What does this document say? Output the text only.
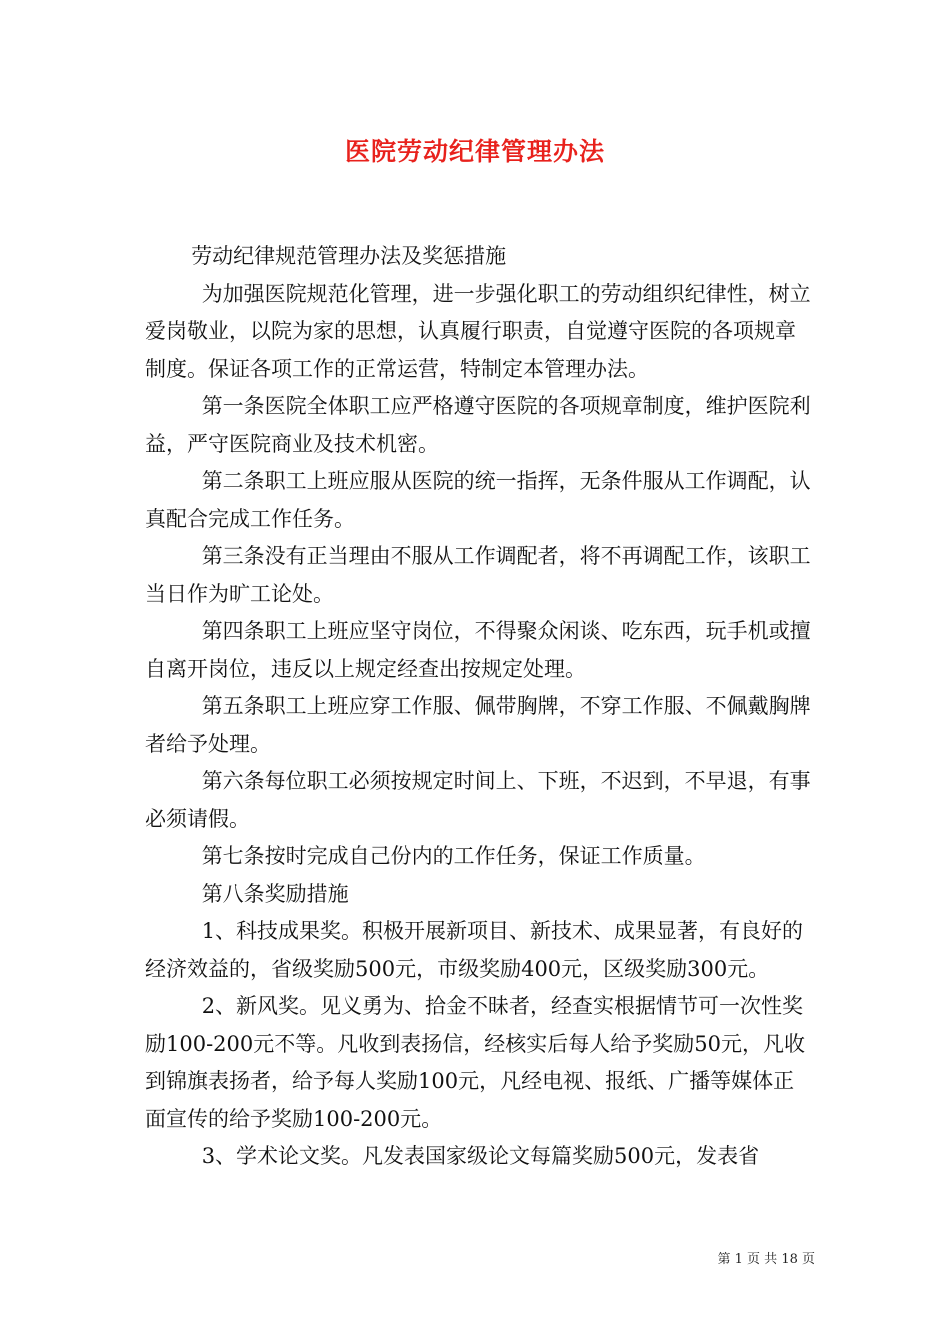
医院劳动纪律管理办法

劳动纪律规范管理办法及奖惩措施

为加强医院规范化管理，进一步强化职工的劳动组织纪律性，树立爱岗敬业，以院为家的思想，认真履行职责，自觉遵守医院的各项规章制度。保证各项工作的正常运营，特制定本管理办法。

第一条医院全体职工应严格遵守医院的各项规章制度，维护医院利益，严守医院商业及技术机密。

第二条职工上班应服从医院的统一指挥，无条件服从工作调配，认真配合完成工作任务。

第三条没有正当理由不服从工作调配者，将不再调配工作，该职工当日作为旷工论处。

第四条职工上班应坚守岗位，不得聚众闲谈、吃东西，玩手机或擅自离开岗位，违反以上规定经查出按规定处理。

第五条职工上班应穿工作服、佩带胸牌，不穿工作服、不佩戴胸牌者给予处理。

第六条每位职工必须按规定时间上、下班，不迟到，不早退，有事必须请假。

第七条按时完成自己份内的工作任务，保证工作质量。

第八条奖励措施

1、科技成果奖。积极开展新项目、新技术、成果显著，有良好的经济效益的，省级奖励500元，市级奖励400元，区级奖励300元。

2、新风奖。见义勇为、拾金不昧者，经查实根据情节可一次性奖励100-200元不等。凡收到表扬信，经核实后每人给予奖励50元，凡收到锦旗表扬者，给予每人奖励100元，凡经电视、报纸、广播等媒体正面宣传的给予奖励100-200元。

3、学术论文奖。凡发表国家级论文每篇奖励500元，发表省

第 1 页 共 18 页
